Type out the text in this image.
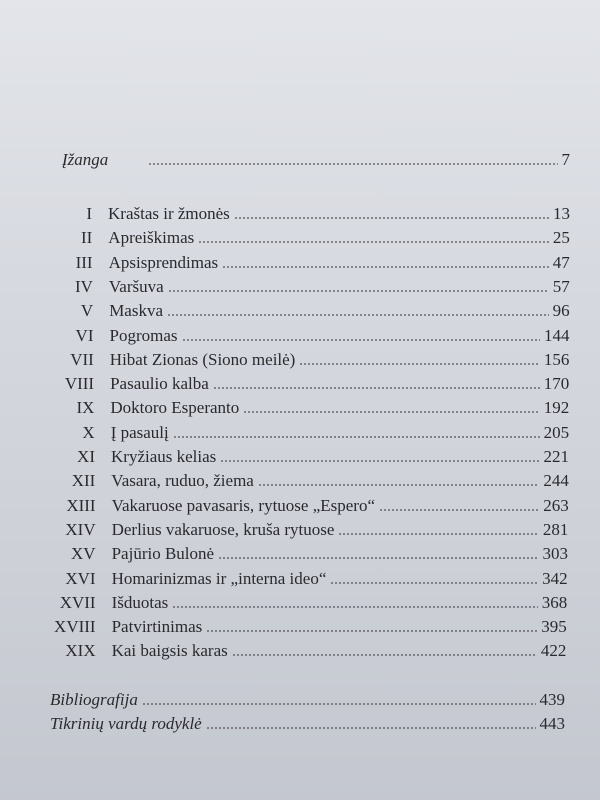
Įžanga	7
I Kraštas ir žmonės	13
II Apreiškimas	25
III Apsisprendimas	47
IV Varšuva	57
V Maskva	96
VI Pogromas	144
VII Hibat Zionas (Siono meilė)	156
VIII Pasaulio kalba	170
IX Doktoro Esperanto	192
X Į pasaulį	205
XI Kryžiaus kelias	221
XII Vasara, ruduo, žiema	244
XIII Vakaruose pavasaris, rytuose „Espero“	263
XIV Derlius vakaruose, kruša rytuose	281
XV Pajūrio Bulonė	303
XVI Homarinizmas ir „interna ideo“	342
XVII Išduotas	368
XVIII Patvirtinimas	395
XIX Kai baigsis karas	422
Bibliografija	439
Tikrinių vardų rodyklė	443
